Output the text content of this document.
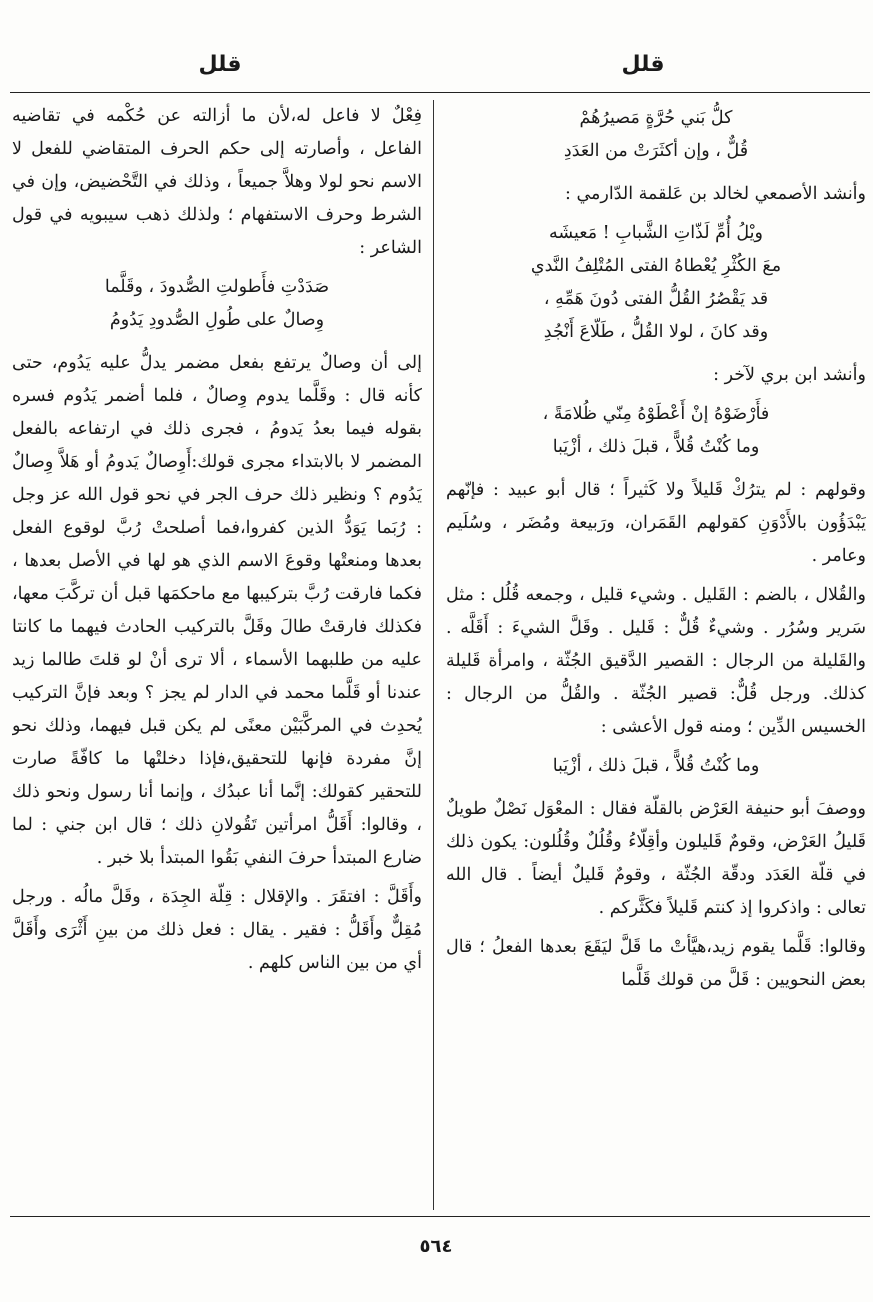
قلل
قلل
كلُّ بَني حُرَّةٍ مَصيرُهُمْ
قُلٌّ ، وإن أكثَرَتْ من العَدَدِ

وأنشد الأصمعي لخالد بن عَلقمة الدّارمي :

ويْلُ أُمِّ لَذّاتِ الشَّبابِ ! مَعيشَه
معَ الكُثْرِ يُعْطاهُ الفتى المُتْلِفُ النَّدي
قد يَقْصُرُ القُلُّ الفتى دُونَ هَمِّهِ ،
وقد كانَ ، لولا القُلُّ ، طَلّاعَ أَنْجُدِ

وأنشد ابن بري لآخر :

فأَرْضَوْهُ إنْ أَعْطَوْهُ مِنّي ظُلامَةً ،
وما كُنْتُ قُلاًّ ، قبلَ ذلك ، أزْيَبا

وقولهم : لم يترُكْ قَليلاً ولا كَثيراً ؛ قال أبو عبيد : فإنّهم يَبْدَؤُون بالأَدْوَنِ كقولهم القَمَران، ورَبيعة ومُضَر ، وسُلَيم وعامر .

والقُلال ، بالضم : القَليل . وشيء قليل ، وجمعه قُلُل : مثل سَرير وسُرُر . وشيءٌ قُلٌّ : قَليل . وقَلَّ الشيءَ : أَقَلَّه . والقَليلة من الرجال : القصير الدَّقيق الجُثّة ، وامرأة قَليلة كذلك. ورجل قُلٌّ: قصير الجُثّة . والقُلُّ من الرجال : الخسيس الدِّين ؛ ومنه قول الأعشى :

وما كُنْتُ قُلاًّ ، قبلَ ذلك ، أزْيَبا

ووصفَ أبو حنيفة العَرْض بالقلّة فقال : المعْوَل نَصْلٌ طويلٌ قَليلُ العَرْض، وقومٌ قَليلون وأقِلّاءُ وقُلُلٌ وقُلُلون: يكون ذلك في قلّة العَدَد ودقّة الجُثّة ، وقومٌ قَليلٌ أيضاً . قال الله تعالى : واذكروا إذ كنتم قَليلاً فكَثَّركم .

وقالوا: قَلَّما يقوم زيد،هيَّأتْ ما قَلَّ ليَقَعَ بعدها الفعلُ ؛ قال بعض النحويين : قَلَّ من قولك قَلَّما

فِعْلٌ لا فاعل له،لأن ما أزالته عن حُكْمه في تقاضيه الفاعل ، وأصارته إلى حكم الحرف المتقاضي للفعل لا الاسم نحو لولا وهلاَّ جميعاً ، وذلك في التَّحْضيض، وإن في الشرط وحرف الاستفهام ؛ ولذلك ذهب سيبويه في قول الشاعر :

صَدَدْتِ فأَطولتِ الصُّدودَ ، وقَلَّما
وِصالٌ على طُولِ الصُّدودِ يَدُومُ

إلى أن وصالٌ يرتفع بفعل مضمر يدلُّ عليه يَدُوم، حتى كأنه قال : وقَلَّما يدوم وِصالٌ ، فلما أضمر يَدُوم فسره بقوله فيما بعدُ يَدومُ ، فجرى ذلك في ارتفاعه بالفعل المضمر لا بالابتداء مجرى قولك:أَوِصالٌ يَدومُ أو هَلاَّ وِصالٌ يَدُوم ؟ ونظير ذلك حرف الجر في نحو قول الله عز وجل : رُبَما يَوَدُّ الذين كفروا،فما أصلحتْ رُبَّ لوقوع الفعل بعدها ومنعتْها وقوعَ الاسم الذي هو لها في الأصل بعدها ، فكما فارقت رُبَّ بتركيبها مع ماحكمَها قبل أن تركَّبَ معها، فكذلك فارقتْ طالَ وقَلَّ بالتركيب الحادث فيهما ما كانتا عليه من طلبهما الأسماء ، ألا ترى أنْ لو قلتَ طالما زيد عندنا أو قَلَّما محمد في الدار لم يجز ؟ وبعد فإنَّ التركيب يُحدِث في المركَّبَيْن معنًى لم يكن قبل فيهما، وذلك نحو إنَّ مفردة فإنها للتحقيق،فإذا دخلتْها ما كافّةً صارت للتحقير كقولك: إنَّما أنا عبدُك ، وإنما أنا رسول ونحو ذلك ، وقالوا: أَقَلُّ امرأتين تَقُولانِ ذلك ؛ قال ابن جني : لما ضارع المبتدأ حرفَ النفي بَقُوا المبتدأ بلا خبر .

وأَقَلَّ : افتقَرَ . والإقلال : قِلّة الجِدَة ، وقَلَّ مالُه . ورجل مُقِلٌّ وأَقَلُّ : فقير . يقال : فعل ذلك من بينِ أَثْرَى وأَقَلَّ أي من بين الناس كلهم .

٥٦٤
